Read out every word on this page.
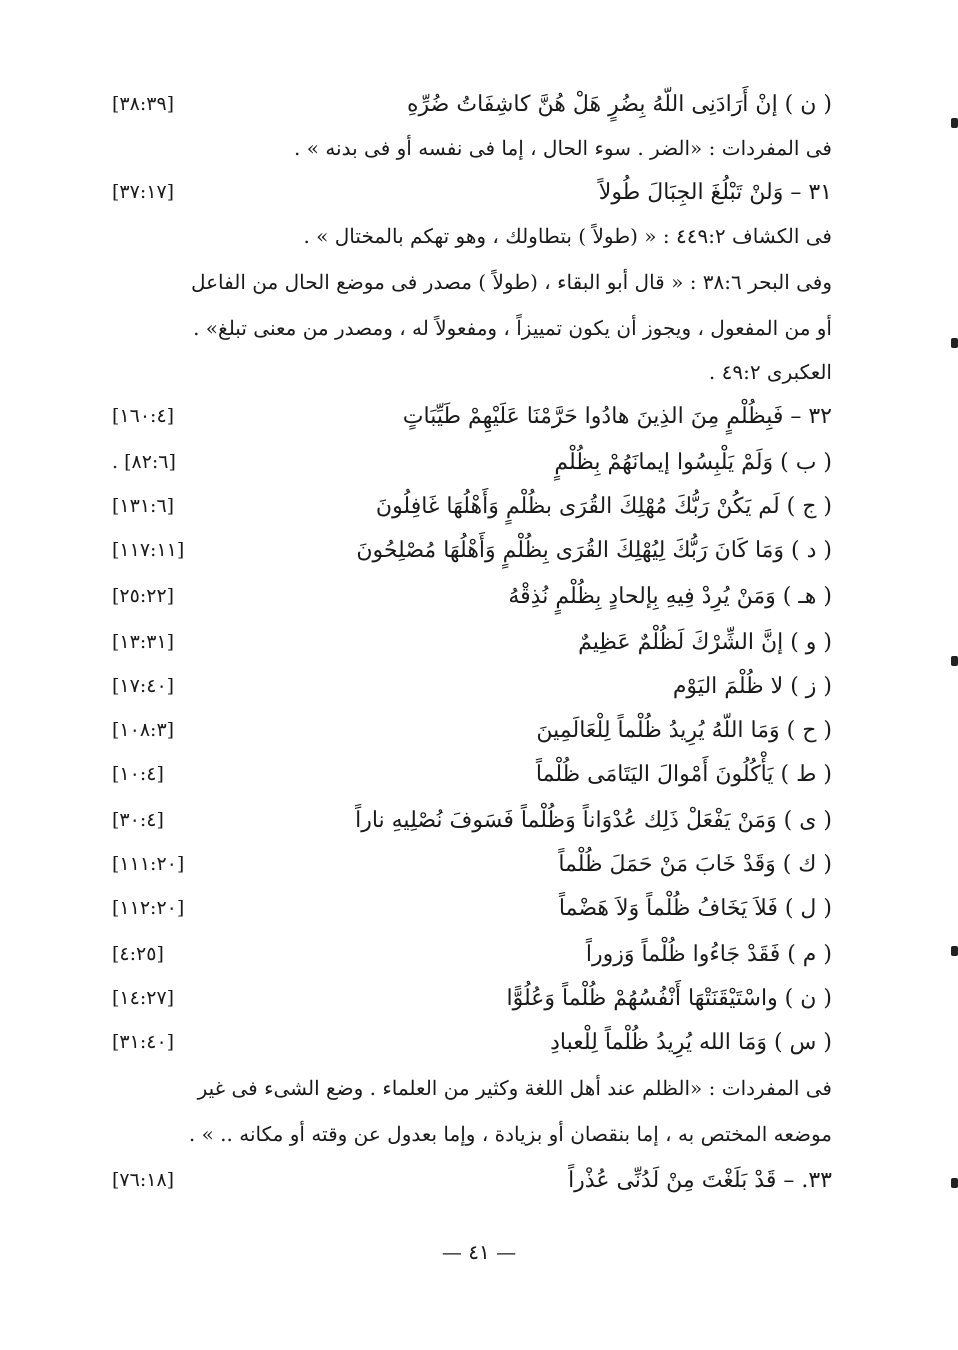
( ن ) إنْ أَرَادَنِى اللّهُ بِضُرٍ هَلْ هُنَّ كاشِفَاتُ ضُرِّهِ
[٣٨:٣٩]
فى المفردات : «الضر . سوء الحال ، إما فى نفسه أو فى بدنه » .
٣١ – وَلنْ تَبْلُغَ الجِبَالَ طُولاً
[٣٧:١٧]
فى الكشاف ٤٤٩:٢ : « (طولاً ) بتطاولك ، وهو تهكم بالمختال » .
وفى البحر ٣٨:٦ : « قال أبو البقاء ، (طولاً ) مصدر فى موضع الحال من الفاعل
أو من المفعول ، ويجوز أن يكون تمييزاً ، ومفعولاً له ، ومصدر من معنى تبلغ» .
العكبرى ٤٩:٢ .
٣٢ – فَبِظُلْمٍ مِنَ الذِينَ هادُوا حَرَّمْنَا عَلَيْهِمْ طَيِّبَاتٍ
[١٦٠:٤]
( ب ) وَلَمْ يَلْبِسُوا إيمانَهُمْ بِظُلْمٍ
[٨٢:٦] .
( ج ) لَم يَكُنْ رَبُّكَ مُهْلِكَ القُرَى بظُلْمٍ وَأَهْلُهَا غَافِلُونَ
[١٣١:٦]
( د ) وَمَا كَانَ رَبُّكَ لِيُهْلِكَ القُرَى بِظُلْمٍ وَأَهْلُهَا مُصْلِحُونَ
[١١٧:١١]
( هـ ) وَمَنْ يُرِدْ فِيهِ بِإلحادٍ بِظُلْمٍ نُذِقْهُ
[٢٥:٢٢]
( و ) إنَّ الشِّرْكَ لَظُلْمٌ عَظِيمٌ
[١٣:٣١]
( ز ) لا ظُلْمَ اليَوْم
[١٧:٤٠]
( ح ) وَمَا اللّهُ يُرِيدُ ظُلْماً لِلْعَالَمِينَ
[١٠٨:٣]
( ط ) يَأْكُلُونَ أَمْوالَ اليَتَامَى ظُلْماً
[١٠:٤]
( ى ) وَمَنْ يَفْعَلْ ذَلِك عُدْوَاناً وَظُلْماً فَسَوفَ نُصْلِيهِ ناراً
[٣٠:٤]
( ك ) وَقَدْ خَابَ مَنْ حَمَلَ ظُلْماً
[١١١:٢٠]
( ل ) فَلاَ يَخَافُ ظُلْماً وَلاَ هَضْماً
[١١٢:٢٠]
( م ) فَقَدْ جَاءُوا ظُلْماً وَزوراً
[٤:٢٥]
( ن ) واسْتَيْقَنَتْهَا أَنْفُسُهُمْ ظُلْماً وَعُلُوًّا
[١٤:٢٧]
( س ) وَمَا الله يُرِيدُ ظُلْماً لِلْعبادِ
[٣١:٤٠]
فى المفردات : «الظلم عند أهل اللغة وكثير من العلماء . وضع الشىء فى غير
موضعه المختص به ، إما بنقصان أو بزيادة ، وإما بعدول عن وقته أو مكانه .. » .
٣٣. – قَدْ بَلَغْتَ مِنْ لَدُنِّى عُذْراً
[٧٦:١٨]
— ٤١ —
